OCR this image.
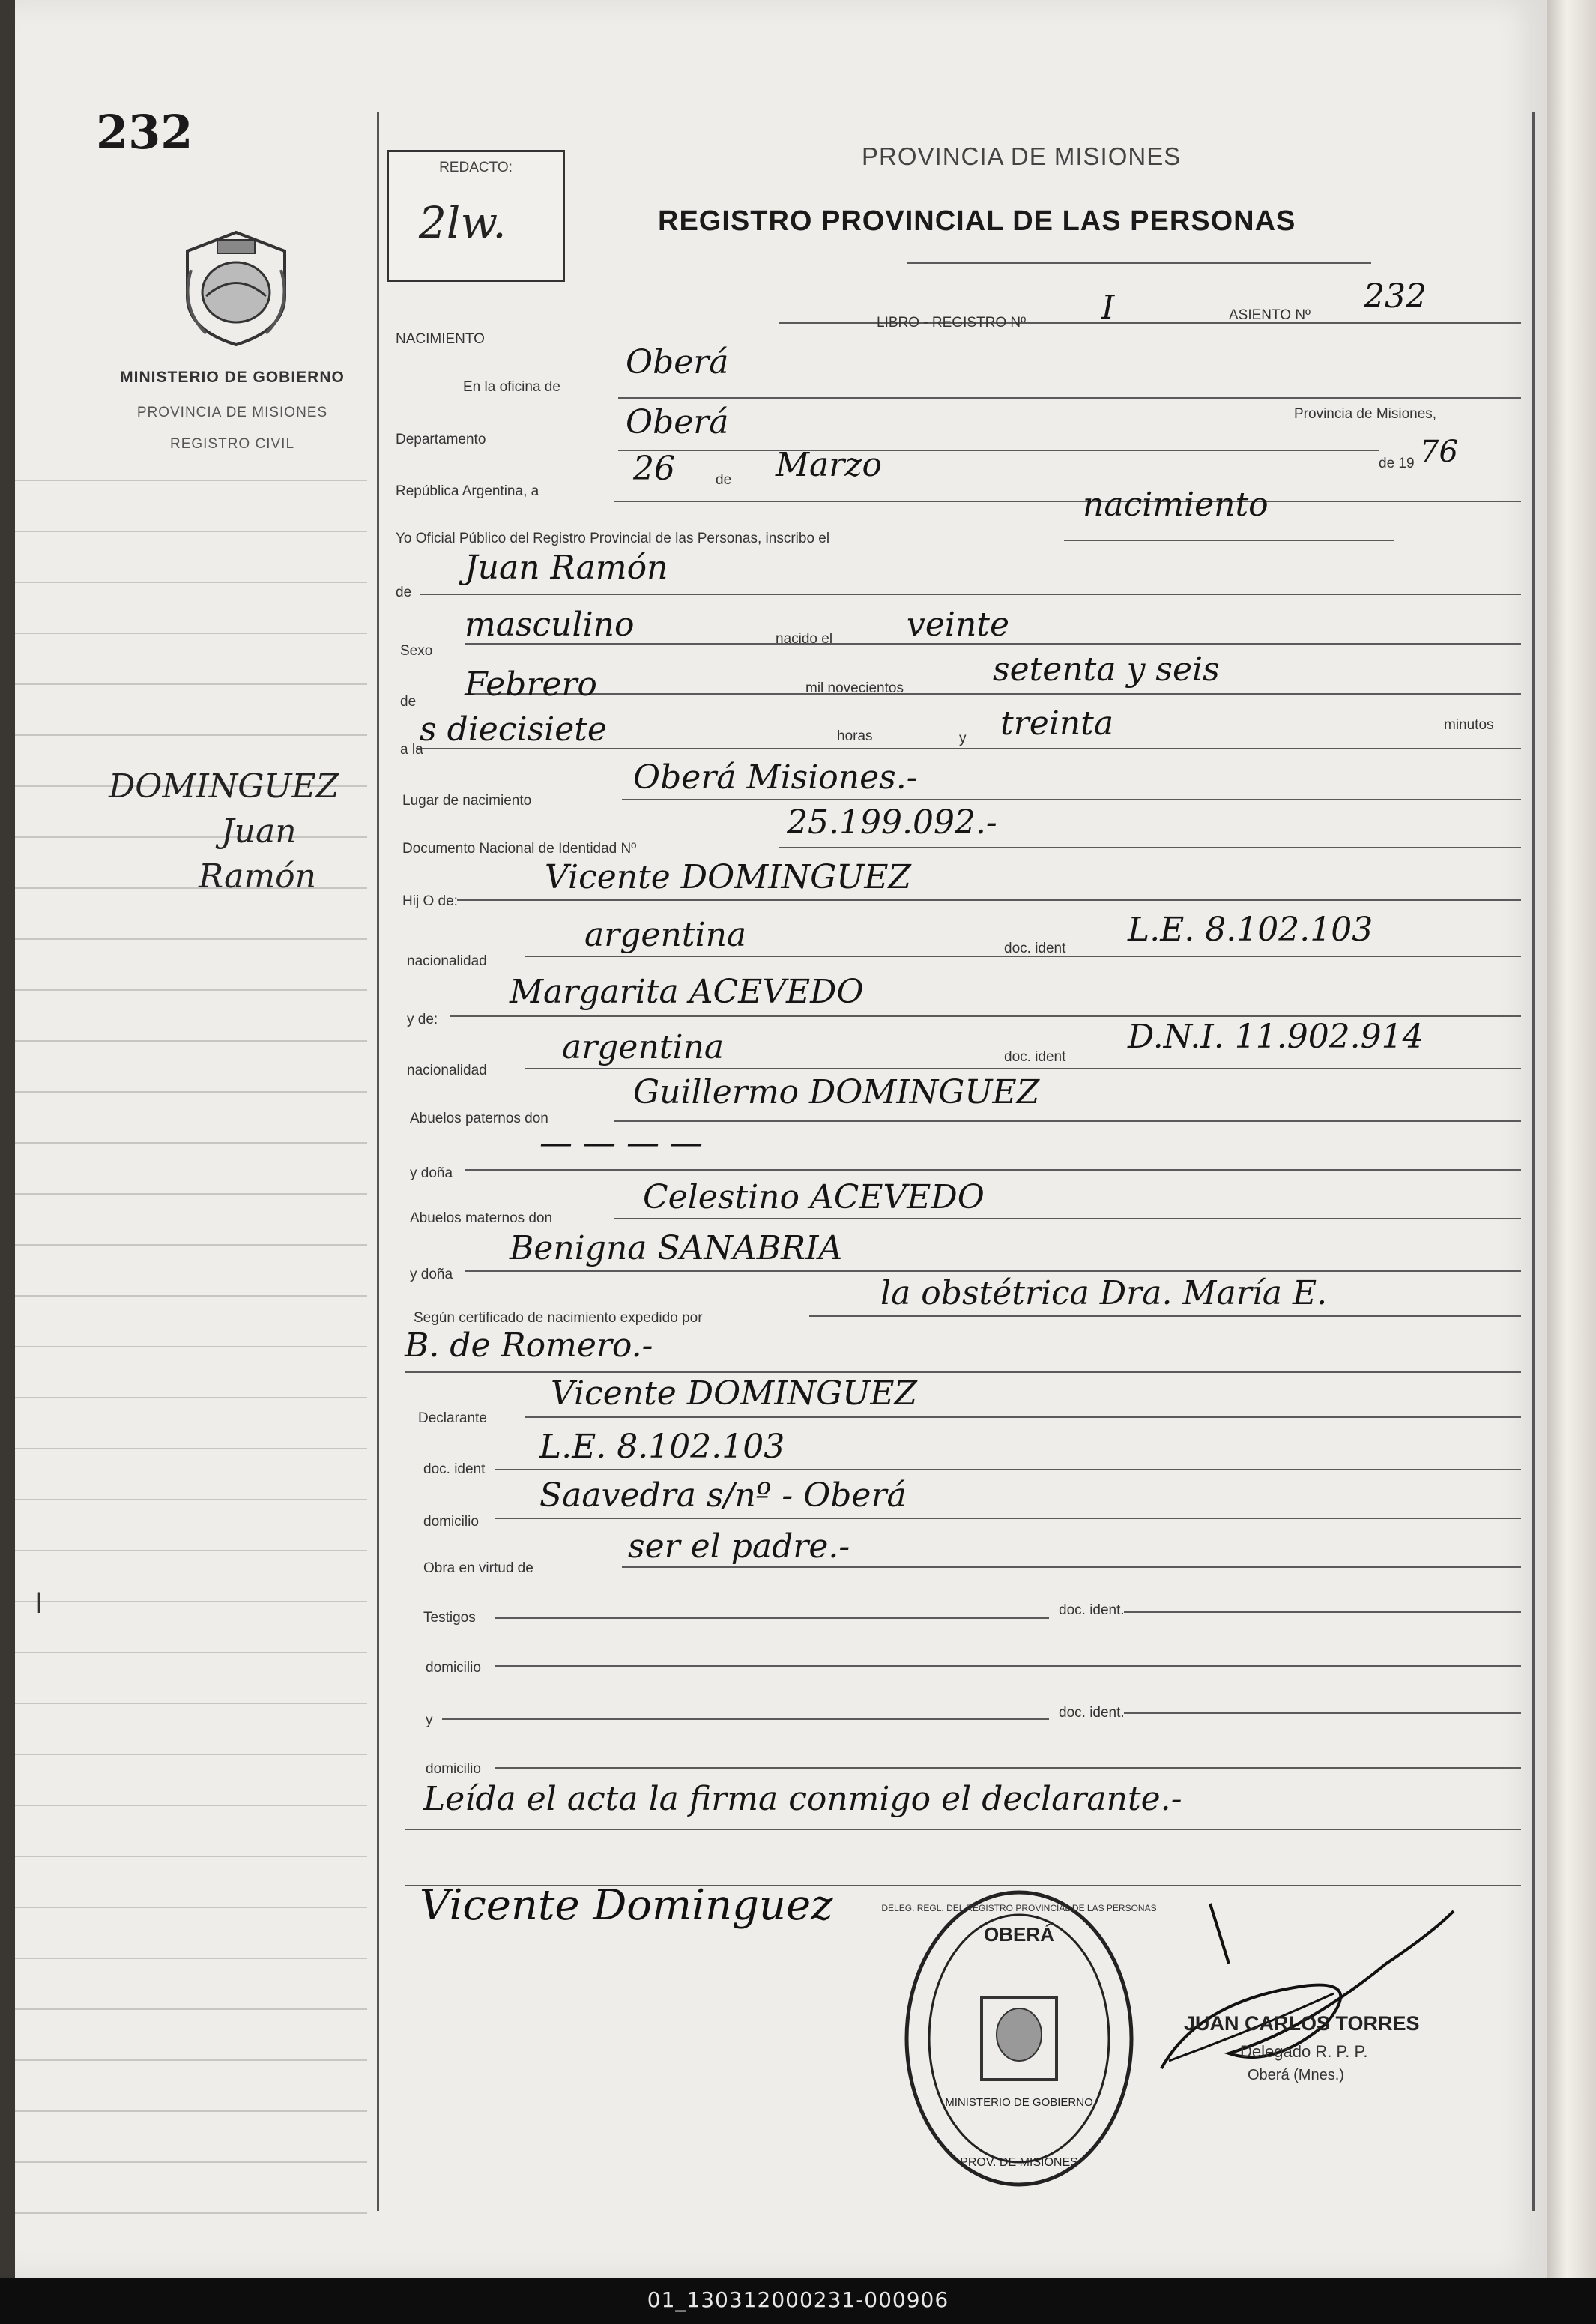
232
MINISTERIO DE GOBIERNO
PROVINCIA DE MISIONES
REGISTRO CIVIL
DOMINGUEZ
Juan
Ramón
|
REDACTO:
2lw.
PROVINCIA DE MISIONES
REGISTRO PROVINCIAL DE LAS PERSONAS
LIBRO - REGISTRO Nº I	ASIENTO Nº 232
NACIMIENTO
En la oficina de
Oberá
Departamento	Oberá	Provincia de Misiones,
República Argentina, a
26	de Marzo	de 19 76
Yo Oficial Público del Registro Provincial de las Personas, inscribo el
nacimiento
de
Juan Ramón
Sexo
masculino	nacido el veinte
de Febrero	mil novecientos	setenta y seis
a la
s diecisiete	horas	y treinta	minutos
Lugar de nacimiento
Oberá Misiones.-
Documento Nacional de Identidad Nº
25.199.092.-
Hij O de:
Vicente DOMINGUEZ
nacionalidad
argentina	doc. ident L.E. 8.102.103
y de:
Margarita ACEVEDO
nacionalidad
argentina	doc. ident
D.N.I. 11.902.914
Abuelos paternos don
Guillermo DOMINGUEZ
y doña
— — — —
Abuelos maternos don
Celestino ACEVEDO
y doña
Benigna SANABRIA
Según certificado de nacimiento expedido por
la obstétrica Dra. María E.
B. de Romero.-
Declarante
Vicente DOMINGUEZ
doc. ident
L.E. 8.102.103
domicilio
Saavedra s/nº - Oberá
Obra en virtud de
ser el padre.-
Testigos	doc. ident.
domicilio
y	doc. ident.
domicilio
Leída el acta la firma conmigo el declarante.-
Vicente Dominguez
OBERÁ
MINISTERIO DE GOBIERNO
PROV. DE MISIONES
DELEG. REGL. DEL REGISTRO PROVINCIAL DE LAS PERSONAS
JUAN CARLOS TORRES
Delegado R. P. P.
Oberá (Mnes.)
01_130312000231-000906
